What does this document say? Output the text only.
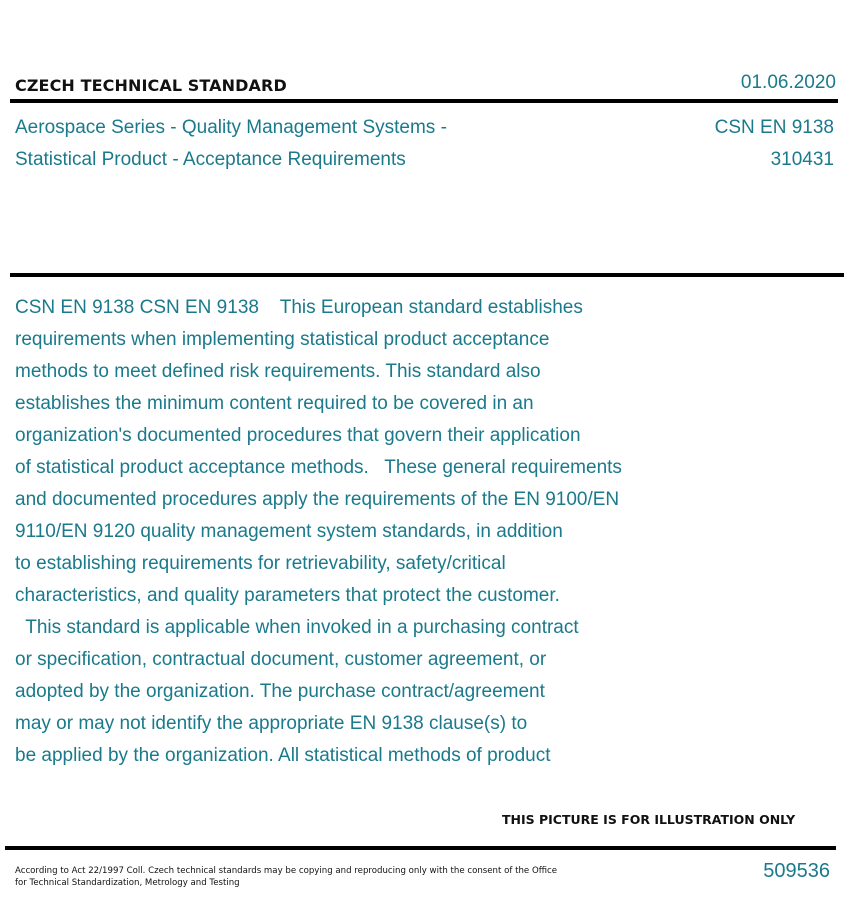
CZECH TECHNICAL STANDARD	01.06.2020
Aerospace Series - Quality Management Systems -
Statistical Product - Acceptance Requirements
CSN EN 9138
310431
CSN EN 9138 CSN EN 9138    This European standard establishes
requirements when implementing statistical product acceptance
methods to meet defined risk requirements. This standard also
establishes the minimum content required to be covered in an
organization's documented procedures that govern their application
of statistical product acceptance methods.   These general requirements
and documented procedures apply the requirements of the EN 9100/EN
9110/EN 9120 quality management system standards, in addition
to establishing requirements for retrievability, safety/critical
characteristics, and quality parameters that protect the customer.
This standard is applicable when invoked in a purchasing contract
or specification, contractual document, customer agreement, or
adopted by the organization. The purchase contract/agreement
may or may not identify the appropriate EN 9138 clause(s) to
be applied by the organization. All statistical methods of product
THIS PICTURE IS FOR ILLUSTRATION ONLY
According to Act 22/1997 Coll. Czech technical standards may be copying and reproducing only with the consent of the Office
for Technical Standardization, Metrology and Testing
509536
